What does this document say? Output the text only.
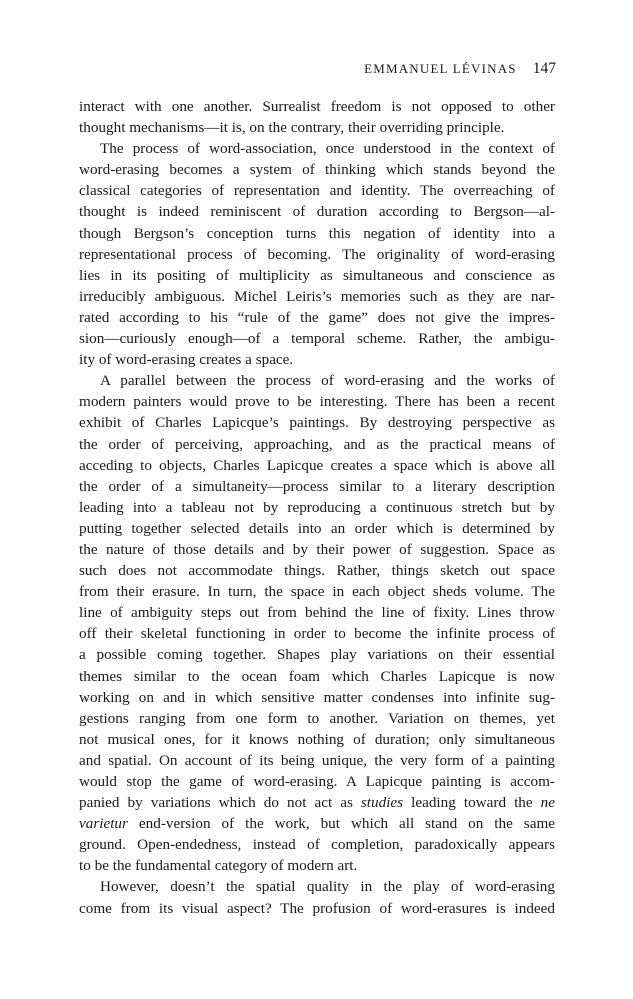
EMMANUEL LÉVINAS 147
interact with one another. Surrealist freedom is not opposed to other
thought mechanisms—it is, on the contrary, their overriding principle.
The process of word-association, once understood in the context of
word-erasing becomes a system of thinking which stands beyond the
classical categories of representation and identity. The overreaching of
thought is indeed reminiscent of duration according to Bergson—al-
though Bergson’s conception turns this negation of identity into a
representational process of becoming. The originality of word-erasing
lies in its positing of multiplicity as simultaneous and conscience as
irreducibly ambiguous. Michel Leiris’s memories such as they are nar-
rated according to his “rule of the game” does not give the impres-
sion—curiously enough—of a temporal scheme. Rather, the ambigu-
ity of word-erasing creates a space.
A parallel between the process of word-erasing and the works of
modern painters would prove to be interesting. There has been a recent
exhibit of Charles Lapicque’s paintings. By destroying perspective as
the order of perceiving, approaching, and as the practical means of
acceding to objects, Charles Lapicque creates a space which is above all
the order of a simultaneity—process similar to a literary description
leading into a tableau not by reproducing a continuous stretch but by
putting together selected details into an order which is determined by
the nature of those details and by their power of suggestion. Space as
such does not accommodate things. Rather, things sketch out space
from their erasure. In turn, the space in each object sheds volume. The
line of ambiguity steps out from behind the line of fixity. Lines throw
off their skeletal functioning in order to become the infinite process of
a possible coming together. Shapes play variations on their essential
themes similar to the ocean foam which Charles Lapicque is now
working on and in which sensitive matter condenses into infinite sug-
gestions ranging from one form to another. Variation on themes, yet
not musical ones, for it knows nothing of duration; only simultaneous
and spatial. On account of its being unique, the very form of a painting
would stop the game of word-erasing. A Lapicque painting is accom-
panied by variations which do not act as studies leading toward the ne
varietur end-version of the work, but which all stand on the same
ground. Open-endedness, instead of completion, paradoxically appears
to be the fundamental category of modern art.
However, doesn’t the spatial quality in the play of word-erasing
come from its visual aspect? The profusion of word-erasures is indeed
